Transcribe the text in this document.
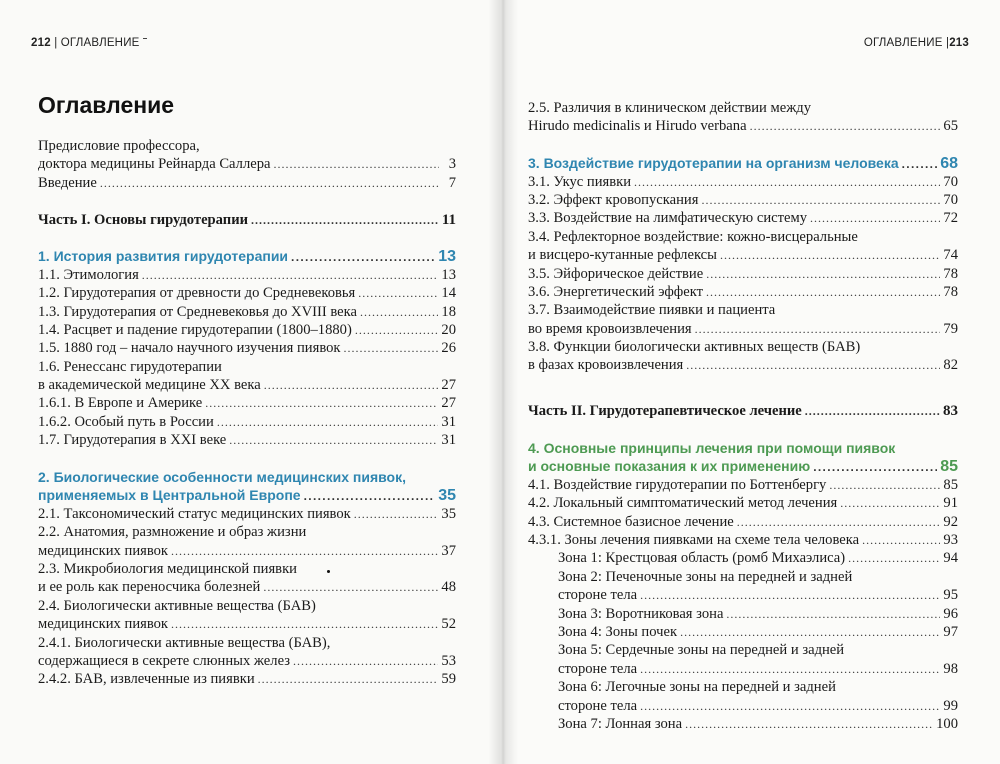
212 | ОГЛАВЛЕНИЕ
Оглавление
Предисловие профессора,
доктора медицины Рейнарда Саллера . . .	3
Введение . . .	7
Часть I. Основы гирудотерапии . . .	11
1. История развития гирудотерапии . . .	13
1.1. Этимология . . .	13
1.2. Гирудотерапия от древности до Средневековья . . .	14
1.3. Гирудотерапия от Средневековья до XVIII века . . .	18
1.4. Расцвет и падение гирудотерапии (1800–1880) . . .	20
1.5. 1880 год – начало научного изучения пиявок . . .	26
1.6. Ренессанс гирудотерапии
в академической медицине XX века . . .	27
1.6.1. В Европе и Америке . . .	27
1.6.2. Особый путь в России . . .	31
1.7. Гирудотерапия в XXI веке . . .	31
2. Биологические особенности медицинских пиявок,
применяемых в Центральной Европе . . .	35
2.1. Таксономический статус медицинских пиявок . . .	35
2.2. Анатомия, размножение и образ жизни
медицинских пиявок . . .	37
2.3. Микробиология медицинской пиявки
и ее роль как переносчика болезней . . .	48
2.4. Биологически активные вещества (БАВ)
медицинских пиявок . . .	52
2.4.1. Биологически активные вещества (БАВ),
содержащиеся в секрете слюнных желез . . .	53
2.4.2. БАВ, извлеченные из пиявки . . .	59
ОГЛАВЛЕНИЕ |213
2.5. Различия в клиническом действии между
Hirudo medicinalis и Hirudo verbana . . .	65
3. Воздействие гирудотерапии на организм человека . . .	68
3.1. Укус пиявки . . .	70
3.2. Эффект кровопускания . . .	70
3.3. Воздействие на лимфатическую систему . . .	72
3.4. Рефлекторное воздействие: кожно-висцеральные
и висцеро-кутанные рефлексы . . .	74
3.5. Эйфорическое действие . . .	78
3.6. Энергетический эффект . . .	78
3.7. Взаимодействие пиявки и пациента
во время кровоизвлечения . . .	79
3.8. Функции биологически активных веществ (БАВ)
в фазах кровоизвлечения . . .	82
Часть II. Гирудотерапевтическое лечение . . .	83
4. Основные принципы лечения при помощи пиявок
и основные показания к их применению . . .	85
4.1. Воздействие гирудотерапии по Боттенбергу . . .	85
4.2. Локальный симптоматический метод лечения . . .	91
4.3. Системное базисное лечение . . .	92
4.3.1. Зоны лечения пиявками на схеме тела человека . . .	93
Зона 1: Крестцовая область (ромб Михаэлиса) . . .	94
Зона 2: Печеночные зоны на передней и задней
стороне тела . . .	95
Зона 3: Воротниковая зона . . .	96
Зона 4: Зоны почек . . .	97
Зона 5: Сердечные зоны на передней и задней
стороне тела . . .	98
Зона 6: Легочные зоны на передней и задней
стороне тела . . .	99
Зона 7: Лонная зона . . .	100
